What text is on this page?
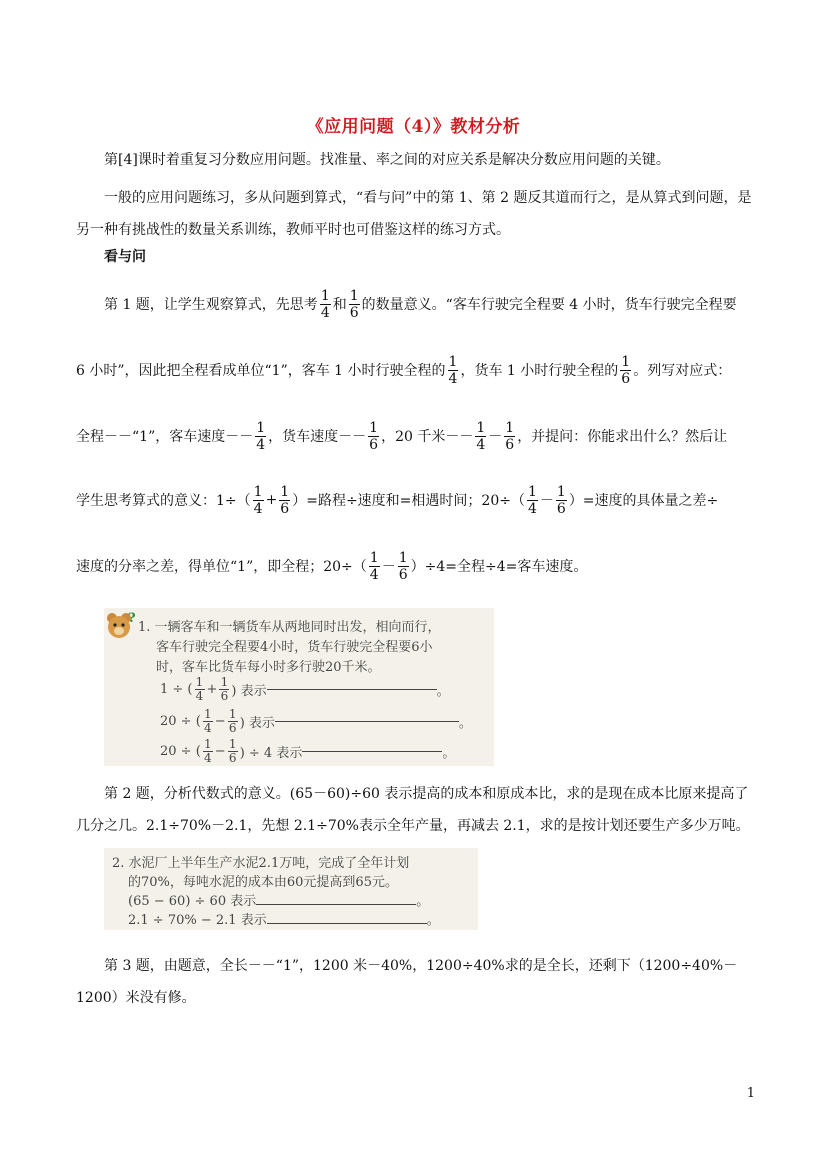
《应用问题（4）》教材分析
第[4]课时着重复习分数应用问题。找准量、率之间的对应关系是解决分数应用问题的关键。
一般的应用问题练习，多从问题到算式，“看与问”中的第 1、第 2 题反其道而行之，是从算式到问题，是另一种有挑战性的数量关系训练，教师平时也可借鉴这样的练习方式。
看与问
第 1 题，让学生观察算式，先思考 $\frac{1}{4}$ 和 $\frac{1}{6}$ 的数量意义。“客车行驶完全程要 4 小时，货车行驶完全程要
6 小时”，因此把全程看成单位“1”，客车 1 小时行驶全程的 $\frac{1}{4}$ ，货车 1 小时行驶全程的 $\frac{1}{6}$ 。列写对应式：
全程－－“1”，客车速度－－ $\frac{1}{4}$ ，货车速度－－ $\frac{1}{6}$ ，20 千米－－ $\frac{1}{4} - \frac{1}{6}$ ，并提问：你能求出什么？然后让
学生思考算式的意义：$1\div( \frac{1}{4} + \frac{1}{6}$ ）=路程÷速度和=相遇时间；$20\div( \frac{1}{4} - \frac{1}{6}$ ）=速度的具体量之差÷
速度的分率之差，得单位“1”，即全程；$20\div( \frac{1}{4} - \frac{1}{6} )\div 4=$全程÷4=客车速度。
?
1. 一辆客车和一辆货车从两地同时出发，相向而行，
客车行驶完全程要4小时，货车行驶完全程要6小
时，客车比货车每小时多行驶20千米。
1 ÷ ( $\frac{1}{4} + \frac{1}{6}$ ) 表示	。
20 ÷ ( $\frac{1}{4} - \frac{1}{6}$ ) 表示	。
20 ÷ ( $\frac{1}{4} - \frac{1}{6}$ ) ÷ 4 表示	。
第 2 题，分析代数式的意义。(65－60)÷60 表示提高的成本和原成本比，求的是现在成本比原来提高了几分之几。2.1÷70%－2.1，先想 2.1÷70%表示全年产量，再减去 2.1，求的是按计划还要生产多少万吨。
2. 水泥厂上半年生产水泥2.1万吨，完成了全年计划
的70%，每吨水泥的成本由60元提高到65元。
(65 − 60) ÷ 60 表示	。
2.1 ÷ 70% − 2.1 表示	。
第 3 题，由题意，全长－－“1”，1200 米－40%，1200÷40%求的是全长，还剩下（1200÷40%－1200）米没有修。
1
